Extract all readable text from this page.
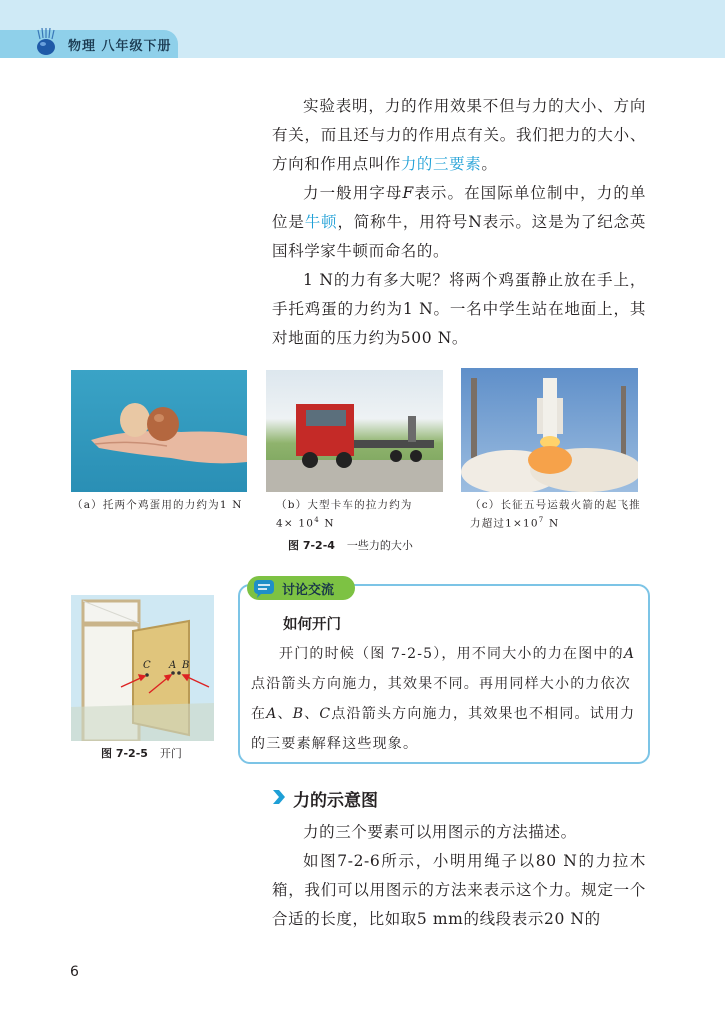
物理 八年级下册
实验表明，力的作用效果不但与力的大小、方向有关，而且还与力的作用点有关。我们把力的大小、方向和作用点叫作力的三要素。
力一般用字母F表示。在国际单位制中，力的单位是牛顿，简称牛，用符号N表示。这是为了纪念英国科学家牛顿而命名的。
1 N的力有多大呢？将两个鸡蛋静止放在手上，手托鸡蛋的力约为1 N。一名中学生站在地面上，其对地面的压力约为500 N。
（a）托两个鸡蛋用的力约为1 N	（b）大型卡车的拉力约为
$4\times 10^4$ N
（c）长征五号运载火箭的起飞推力超过$1\times 10^7$ N
图 7-2-4 一些力的大小
C A B
图 7-2-5 开门
讨论交流
如何开门
开门的时候（图 7-2-5），用不同大小的力在图中的A点沿箭头方向施力，其效果不同。再用同样大小的力依次在A、B、C点沿箭头方向施力，其效果也不相同。试用力的三要素解释这些现象。
力的示意图
力的三个要素可以用图示的方法描述。
如图7-2-6所示，小明用绳子以80 N的力拉木箱，我们可以用图示的方法来表示这个力。规定一个合适的长度，比如取5 mm的线段表示20 N的
6
